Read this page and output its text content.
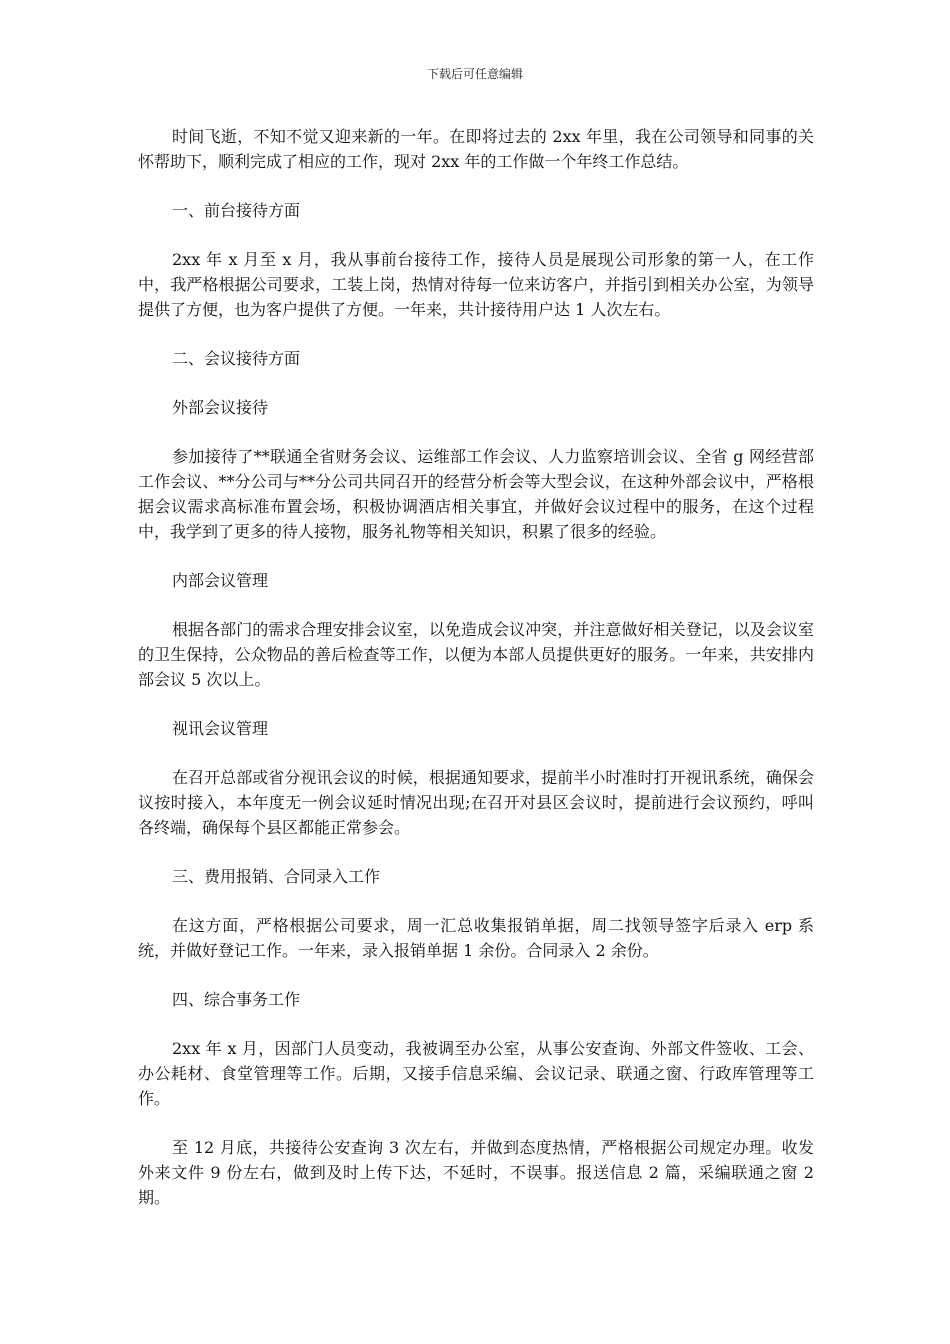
下载后可任意编辑

时间飞逝，不知不觉又迎来新的一年。在即将过去的 2xx 年里，我在公司领导和同事的关怀帮助下，顺利完成了相应的工作，现对 2xx 年的工作做一个年终工作总结。

一、前台接待方面

2xx 年 x 月至 x 月，我从事前台接待工作，接待人员是展现公司形象的第一人，在工作中，我严格根据公司要求，工装上岗，热情对待每一位来访客户，并指引到相关办公室，为领导提供了方便，也为客户提供了方便。一年来，共计接待用户达 1 人次左右。

二、会议接待方面

外部会议接待

参加接待了**联通全省财务会议、运维部工作会议、人力监察培训会议、全省 g 网经营部工作会议、**分公司与**分公司共同召开的经营分析会等大型会议，在这种外部会议中，严格根据会议需求高标准布置会场，积极协调酒店相关事宜，并做好会议过程中的服务，在这个过程中，我学到了更多的待人接物，服务礼物等相关知识，积累了很多的经验。

内部会议管理

根据各部门的需求合理安排会议室，以免造成会议冲突，并注意做好相关登记，以及会议室的卫生保持，公众物品的善后检查等工作，以便为本部人员提供更好的服务。一年来，共安排内部会议 5 次以上。

视讯会议管理

在召开总部或省分视讯会议的时候，根据通知要求，提前半小时准时打开视讯系统，确保会议按时接入，本年度无一例会议延时情况出现;在召开对县区会议时，提前进行会议预约，呼叫各终端，确保每个县区都能正常参会。

三、费用报销、合同录入工作

在这方面，严格根据公司要求，周一汇总收集报销单据，周二找领导签字后录入 erp 系统，并做好登记工作。一年来，录入报销单据 1 余份。合同录入 2 余份。

四、综合事务工作

2xx 年 x 月，因部门人员变动，我被调至办公室，从事公安查询、外部文件签收、工会、办公耗材、食堂管理等工作。后期，又接手信息采编、会议记录、联通之窗、行政库管理等工作。

至 12 月底，共接待公安查询 3 次左右，并做到态度热情，严格根据公司规定办理。收发外来文件 9 份左右，做到及时上传下达，不延时，不误事。报送信息 2 篇，采编联通之窗 2 期。
